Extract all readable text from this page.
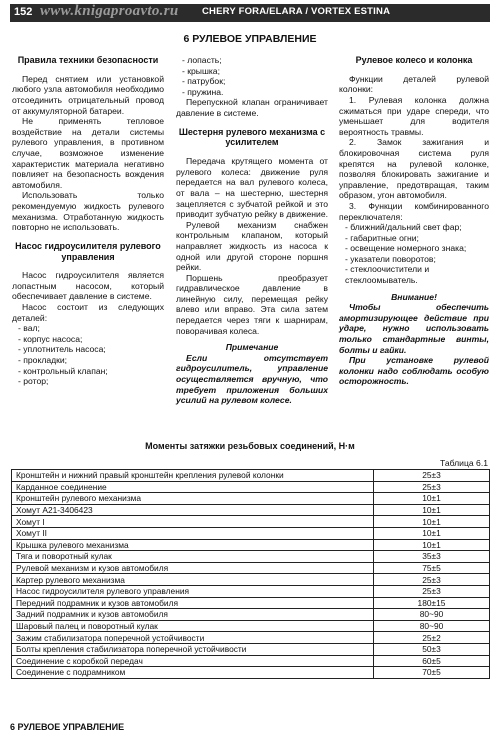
152 www.knigaproavto.ru CHERY FORA/ELARA / VORTEX ESTINA
6 РУЛЕВОЕ УПРАВЛЕНИЕ
Правила техники безопасности
Перед снятием или установкой любого узла автомобиля необходимо отсоединить отрицательный провод от аккумуляторной батареи.
Не применять тепловое воздействие на детали системы рулевого управления, в противном случае, возможное изменение характеристик материала негативно повлияет на безопасность вождения автомобиля.
Использовать только рекомендуемую жидкость рулевого механизма. Отработанную жидкость повторно не использовать.
Насос гидроусилителя рулевого управления
Насос гидроусилителя является лопастным насосом, который обеспечивает давление в системе.
Насос состоит из следующих деталей:
- вал;
- корпус насоса;
- уплотнитель насоса;
- прокладки;
- контрольный клапан;
- ротор;
- лопасть;
- крышка;
- патрубок;
- пружина.
Перепускной клапан ограничивает давление в системе.
Шестерня рулевого механизма с усилителем
Передача крутящего момента от рулевого колеса: движение руля передается на вал рулевого колеса, от вала – на шестерню, шестерня зацепляется с зубчатой рейкой и это приводит зубчатую рейку в движение.
Рулевой механизм снабжен контрольным клапаном, который направляет жидкость из насоса к одной или другой стороне поршня рейки.
Поршень преобразует гидравлическое давление в линейную силу, перемещая рейку влево или вправо. Эта сила затем передается через тяги к шарнирам, поворачивая колеса.
Примечание
Если отсутствует гидроусилитель, управление осуществляется вручную, что требует приложения больших усилий на рулевом колесе.
Рулевое колесо и колонка
Функции деталей рулевой колонки:
1. Рулевая колонка должна сжиматься при ударе спереди, что уменьшает для водителя вероятность травмы.
2. Замок зажигания и блокировочная система руля крепятся на рулевой колонке, позволяя блокировать зажигание и управление, предотвращая, таким образом, угон автомобиля.
3. Функции комбинированного переключателя:
- ближний/дальний свет фар;
- габаритные огни;
- освещение номерного знака;
- указатели поворотов;
- стеклоочистители и стеклоомыватель.
Внимание!
Чтобы обеспечить амортизирующее действие при ударе, нужно использовать только стандартные винты, болты и гайки.
При установке рулевой колонки надо соблюдать особую осторожность.
Моменты затяжки резьбовых соединений, Н·м
Таблица 6.1
Кронштейн и нижний правый кронштейн крепления рулевой колонки	25±3
Карданное соединение	25±3
Кронштейн рулевого механизма	10±1
Хомут A21-3406423	10±1
Хомут I	10±1
Хомут II	10±1
Крышка рулевого механизма	10±1
Тяга и поворотный кулак	35±3
Рулевой механизм и кузов автомобиля	75±5
Картер рулевого механизма	25±3
Насос гидроусилителя рулевого управления	25±3
Передний подрамник и кузов автомобиля	180±15
Задний подрамник и кузов автомобиля	80~90
Шаровый палец и поворотный кулак	80~90
Зажим стабилизатора поперечной устойчивости	25±2
Болты крепления стабилизатора поперечной устойчивости	50±3
Соединение с коробкой передач	60±5
Соединение с подрамником	70±5
6 РУЛЕВОЕ УПРАВЛЕНИЕ
